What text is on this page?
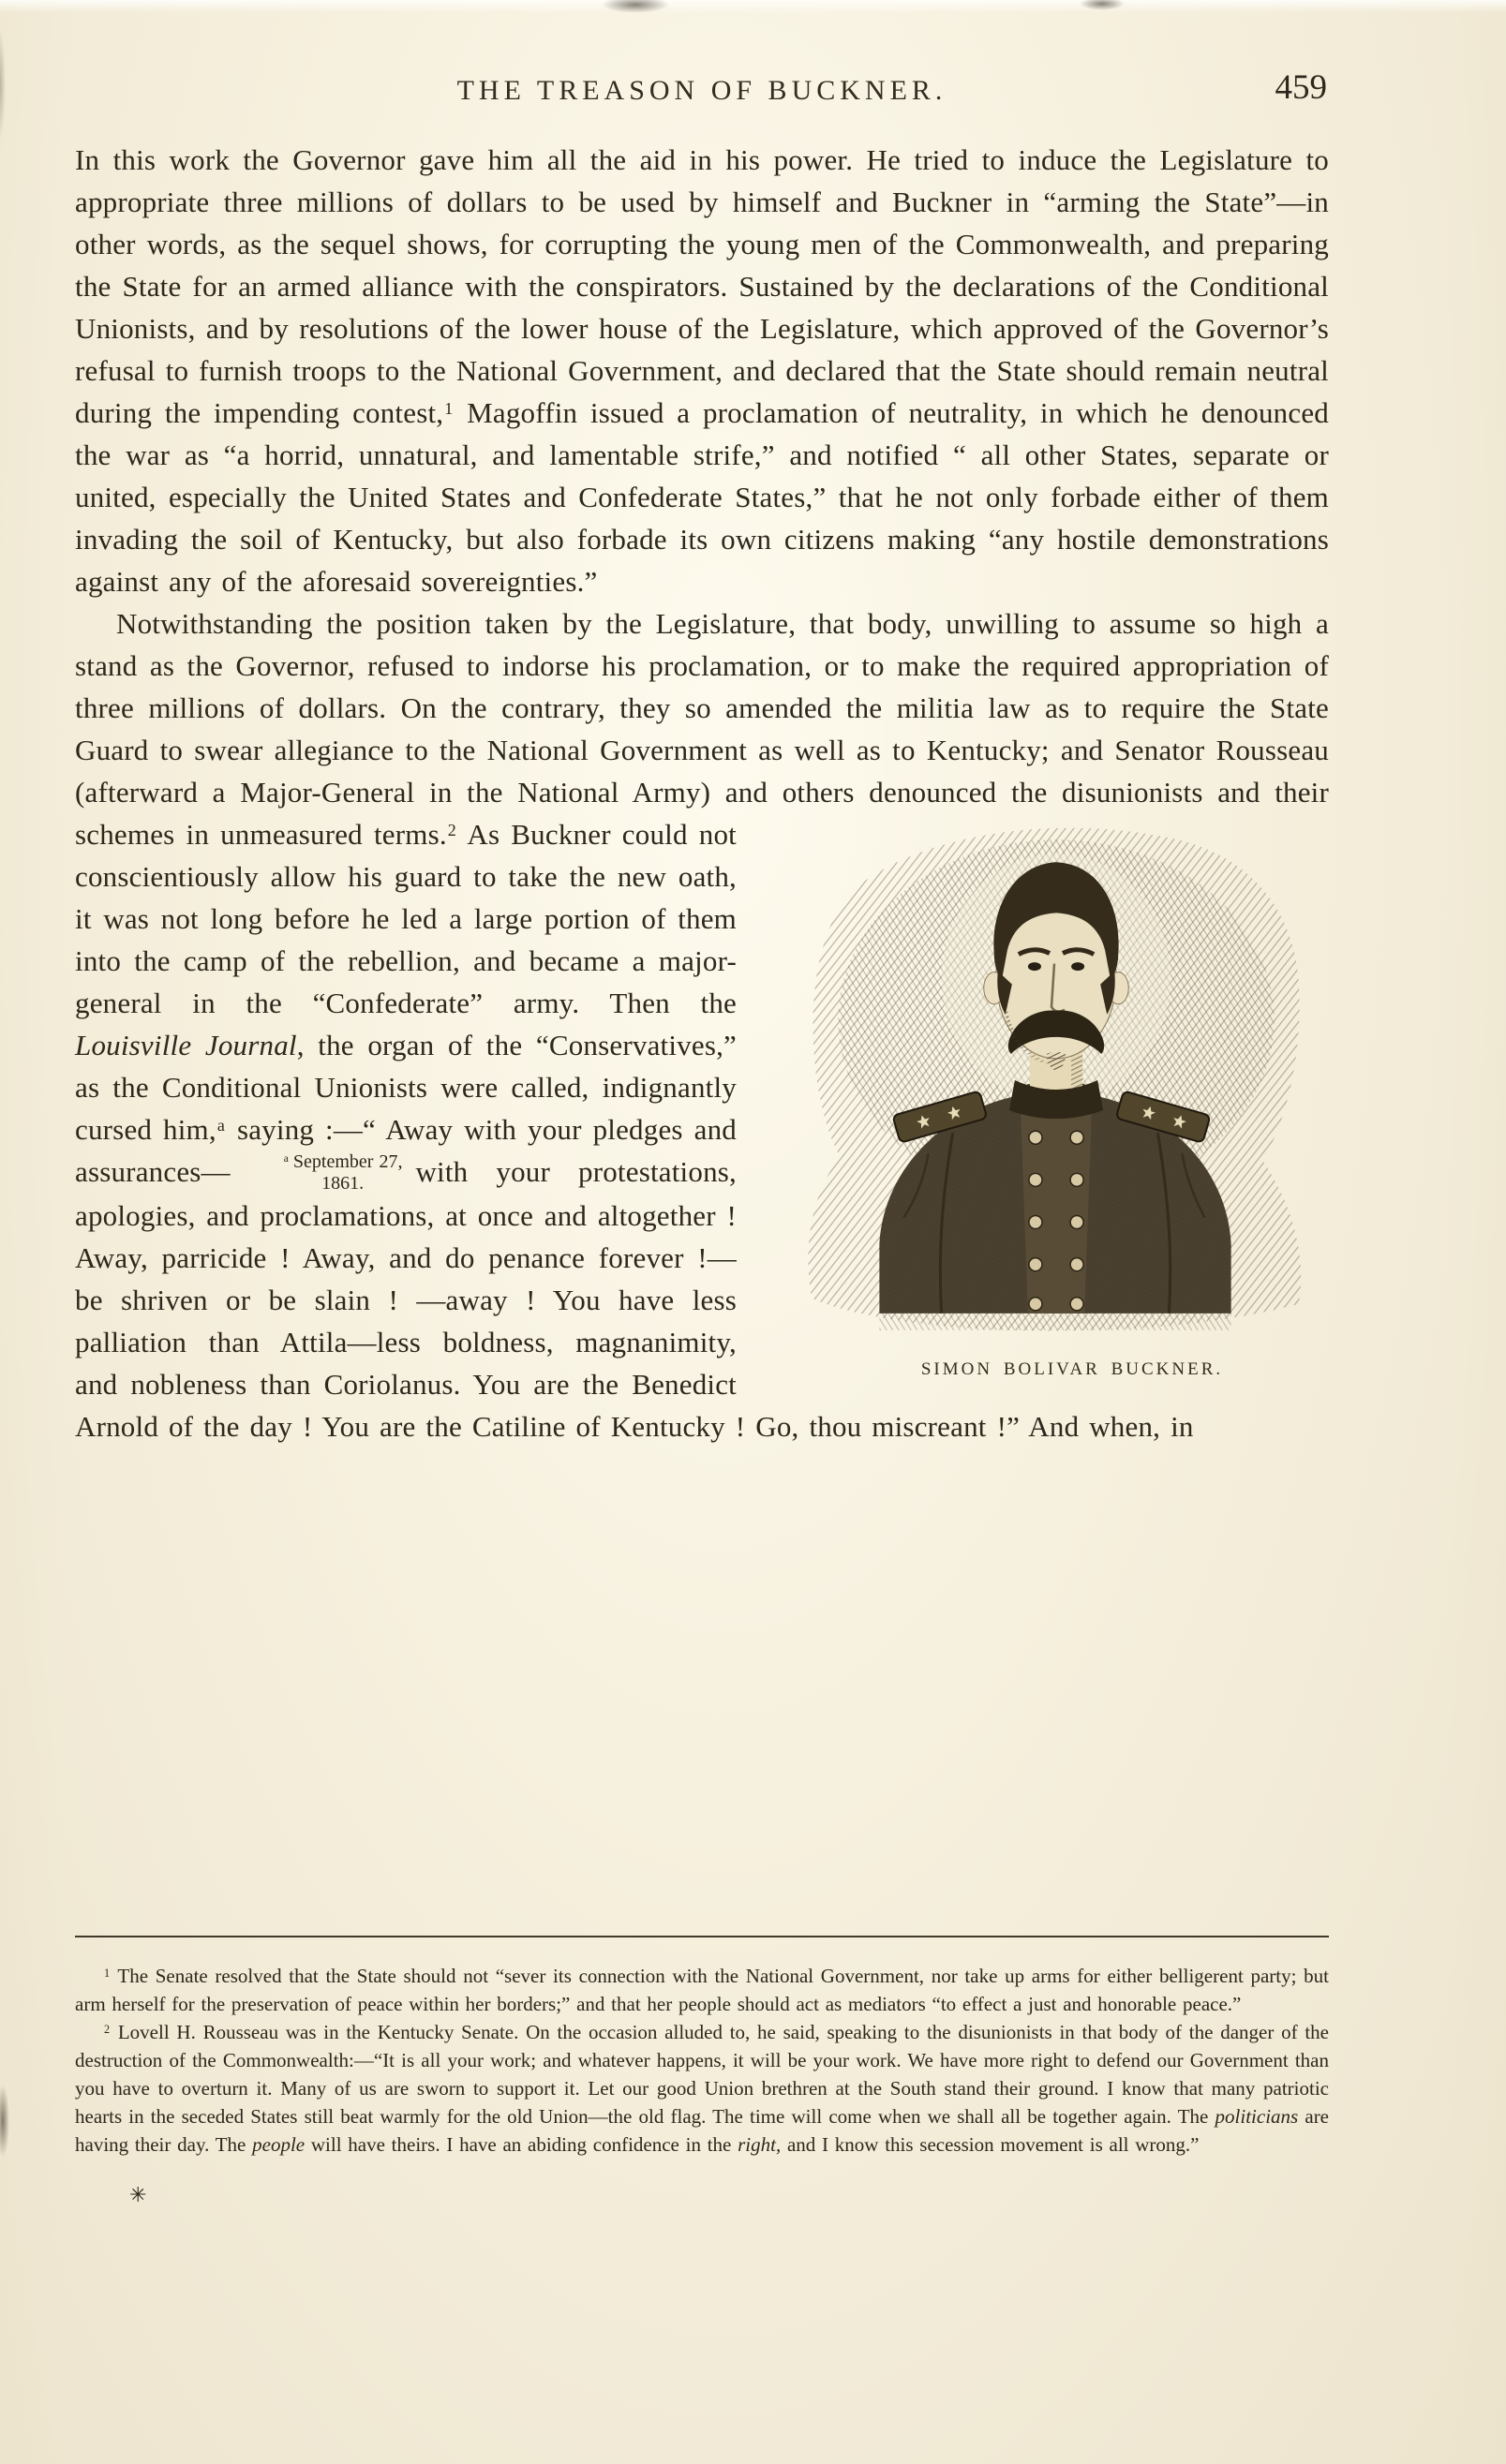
THE TREASON OF BUCKNER.	459
In this work the Governor gave him all the aid in his power. He tried to induce the Legislature to appropriate three millions of dollars to be used by himself and Buckner in “arming the State”—in other words, as the sequel shows, for corrupting the young men of the Commonwealth, and preparing the State for an armed alliance with the conspirators. Sustained by the declarations of the Conditional Unionists, and by resolutions of the lower house of the Legislature, which approved of the Governor’s refusal to furnish troops to the National Government, and declared that the State should remain neutral during the impending contest,$^1$ Magoffin issued a proclamation of neutrality, in which he denounced the war as “a horrid, unnatural, and lamentable strife,” and notified “ all other States, separate or united, especially the United States and Confederate States,” that he not only forbade either of them invading the soil of Kentucky, but also forbade its own citizens making “any hostile demonstrations against any of the aforesaid sovereignties.”
Notwithstanding the position taken by the Legislature, that body, unwilling to assume so high a stand as the Governor, refused to indorse his proclamation, or to make the required appropriation of three millions of dollars. On the contrary, they so amended the militia law as to require the State Guard to swear allegiance to the National Government as well as to Kentucky; and Senator Rousseau (afterward a Major-General in the National Army) and others denounced the disunionists and their schemes in unmeasured terms.$^2$
SIMON BOLIVAR BUCKNER.
As Buckner could not conscientiously allow his guard to take the new oath, it was not long before he led a large portion of them into the camp of the rebellion, and became a major-general in the “Confederate” army. Then the Louisville Journal, the organ of the “Conservatives,” as the Conditional Unionists were called, indignantly cursed him,$^a$ saying :—“ Away with your pledges and assurances—	$^a$ September 27,
1861.	with your protestations, apologies, and proclamations, at once and altogether ! Away, parricide ! Away, and do penance forever !—be shriven or be slain ! —away ! You have less palliation than Attila—less boldness, magnanimity, and nobleness than Coriolanus. You are the Benedict Arnold of the day ! You are the Catiline of Kentucky ! Go, thou miscreant !” And when, in
$^1$ The Senate resolved that the State should not “sever its connection with the National Government, nor take up arms for either belligerent party; but arm herself for the preservation of peace within her borders;” and that her people should act as mediators “to effect a just and honorable peace.”
$^2$ Lovell H. Rousseau was in the Kentucky Senate. On the occasion alluded to, he said, speaking to the disunionists in that body of the danger of the destruction of the Commonwealth:—“It is all your work; and whatever happens, it will be your work. We have more right to defend our Government than you have to overturn it. Many of us are sworn to support it. Let our good Union brethren at the South stand their ground. I know that many patriotic hearts in the seceded States still beat warmly for the old Union—the old flag. The time will come when we shall all be together again. The politicians are having their day. The people will have theirs. I have an abiding confidence in the right, and I know this secession movement is all wrong.”
✳
